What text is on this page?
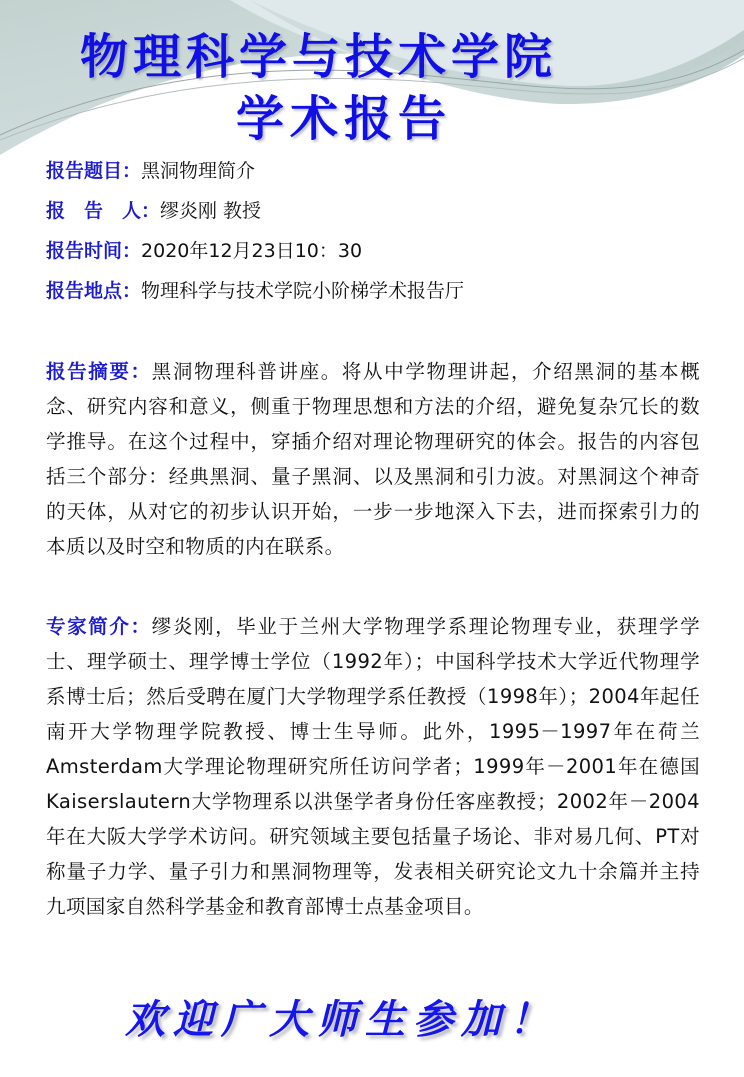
物理科学与技术学院
学术报告
报告题目：黑洞物理简介
报　告　人：缪炎刚 教授
报告时间：2020年12月23日10：30
报告地点：物理科学与技术学院小阶梯学术报告厅
报告摘要：黑洞物理科普讲座。将从中学物理讲起，介绍黑洞的基本概念、研究内容和意义，侧重于物理思想和方法的介绍，避免复杂冗长的数学推导。在这个过程中，穿插介绍对理论物理研究的体会。报告的内容包括三个部分：经典黑洞、量子黑洞、以及黑洞和引力波。对黑洞这个神奇的天体，从对它的初步认识开始，一步一步地深入下去，进而探索引力的本质以及时空和物质的内在联系。
专家简介：缪炎刚，毕业于兰州大学物理学系理论物理专业，获理学学士、理学硕士、理学博士学位（1992年）；中国科学技术大学近代物理学系博士后；然后受聘在厦门大学物理学系任教授（1998年）；2004年起任南开大学物理学院教授、博士生导师。此外，1995－1997年在荷兰Amsterdam大学理论物理研究所任访问学者；1999年－2001年在德国Kaiserslautern大学物理系以洪堡学者身份任客座教授；2002年－2004年在大阪大学学术访问。研究领域主要包括量子场论、非对易几何、PT对称量子力学、量子引力和黑洞物理等，发表相关研究论文九十余篇并主持九项国家自然科学基金和教育部博士点基金项目。
欢迎广大师生参加！
